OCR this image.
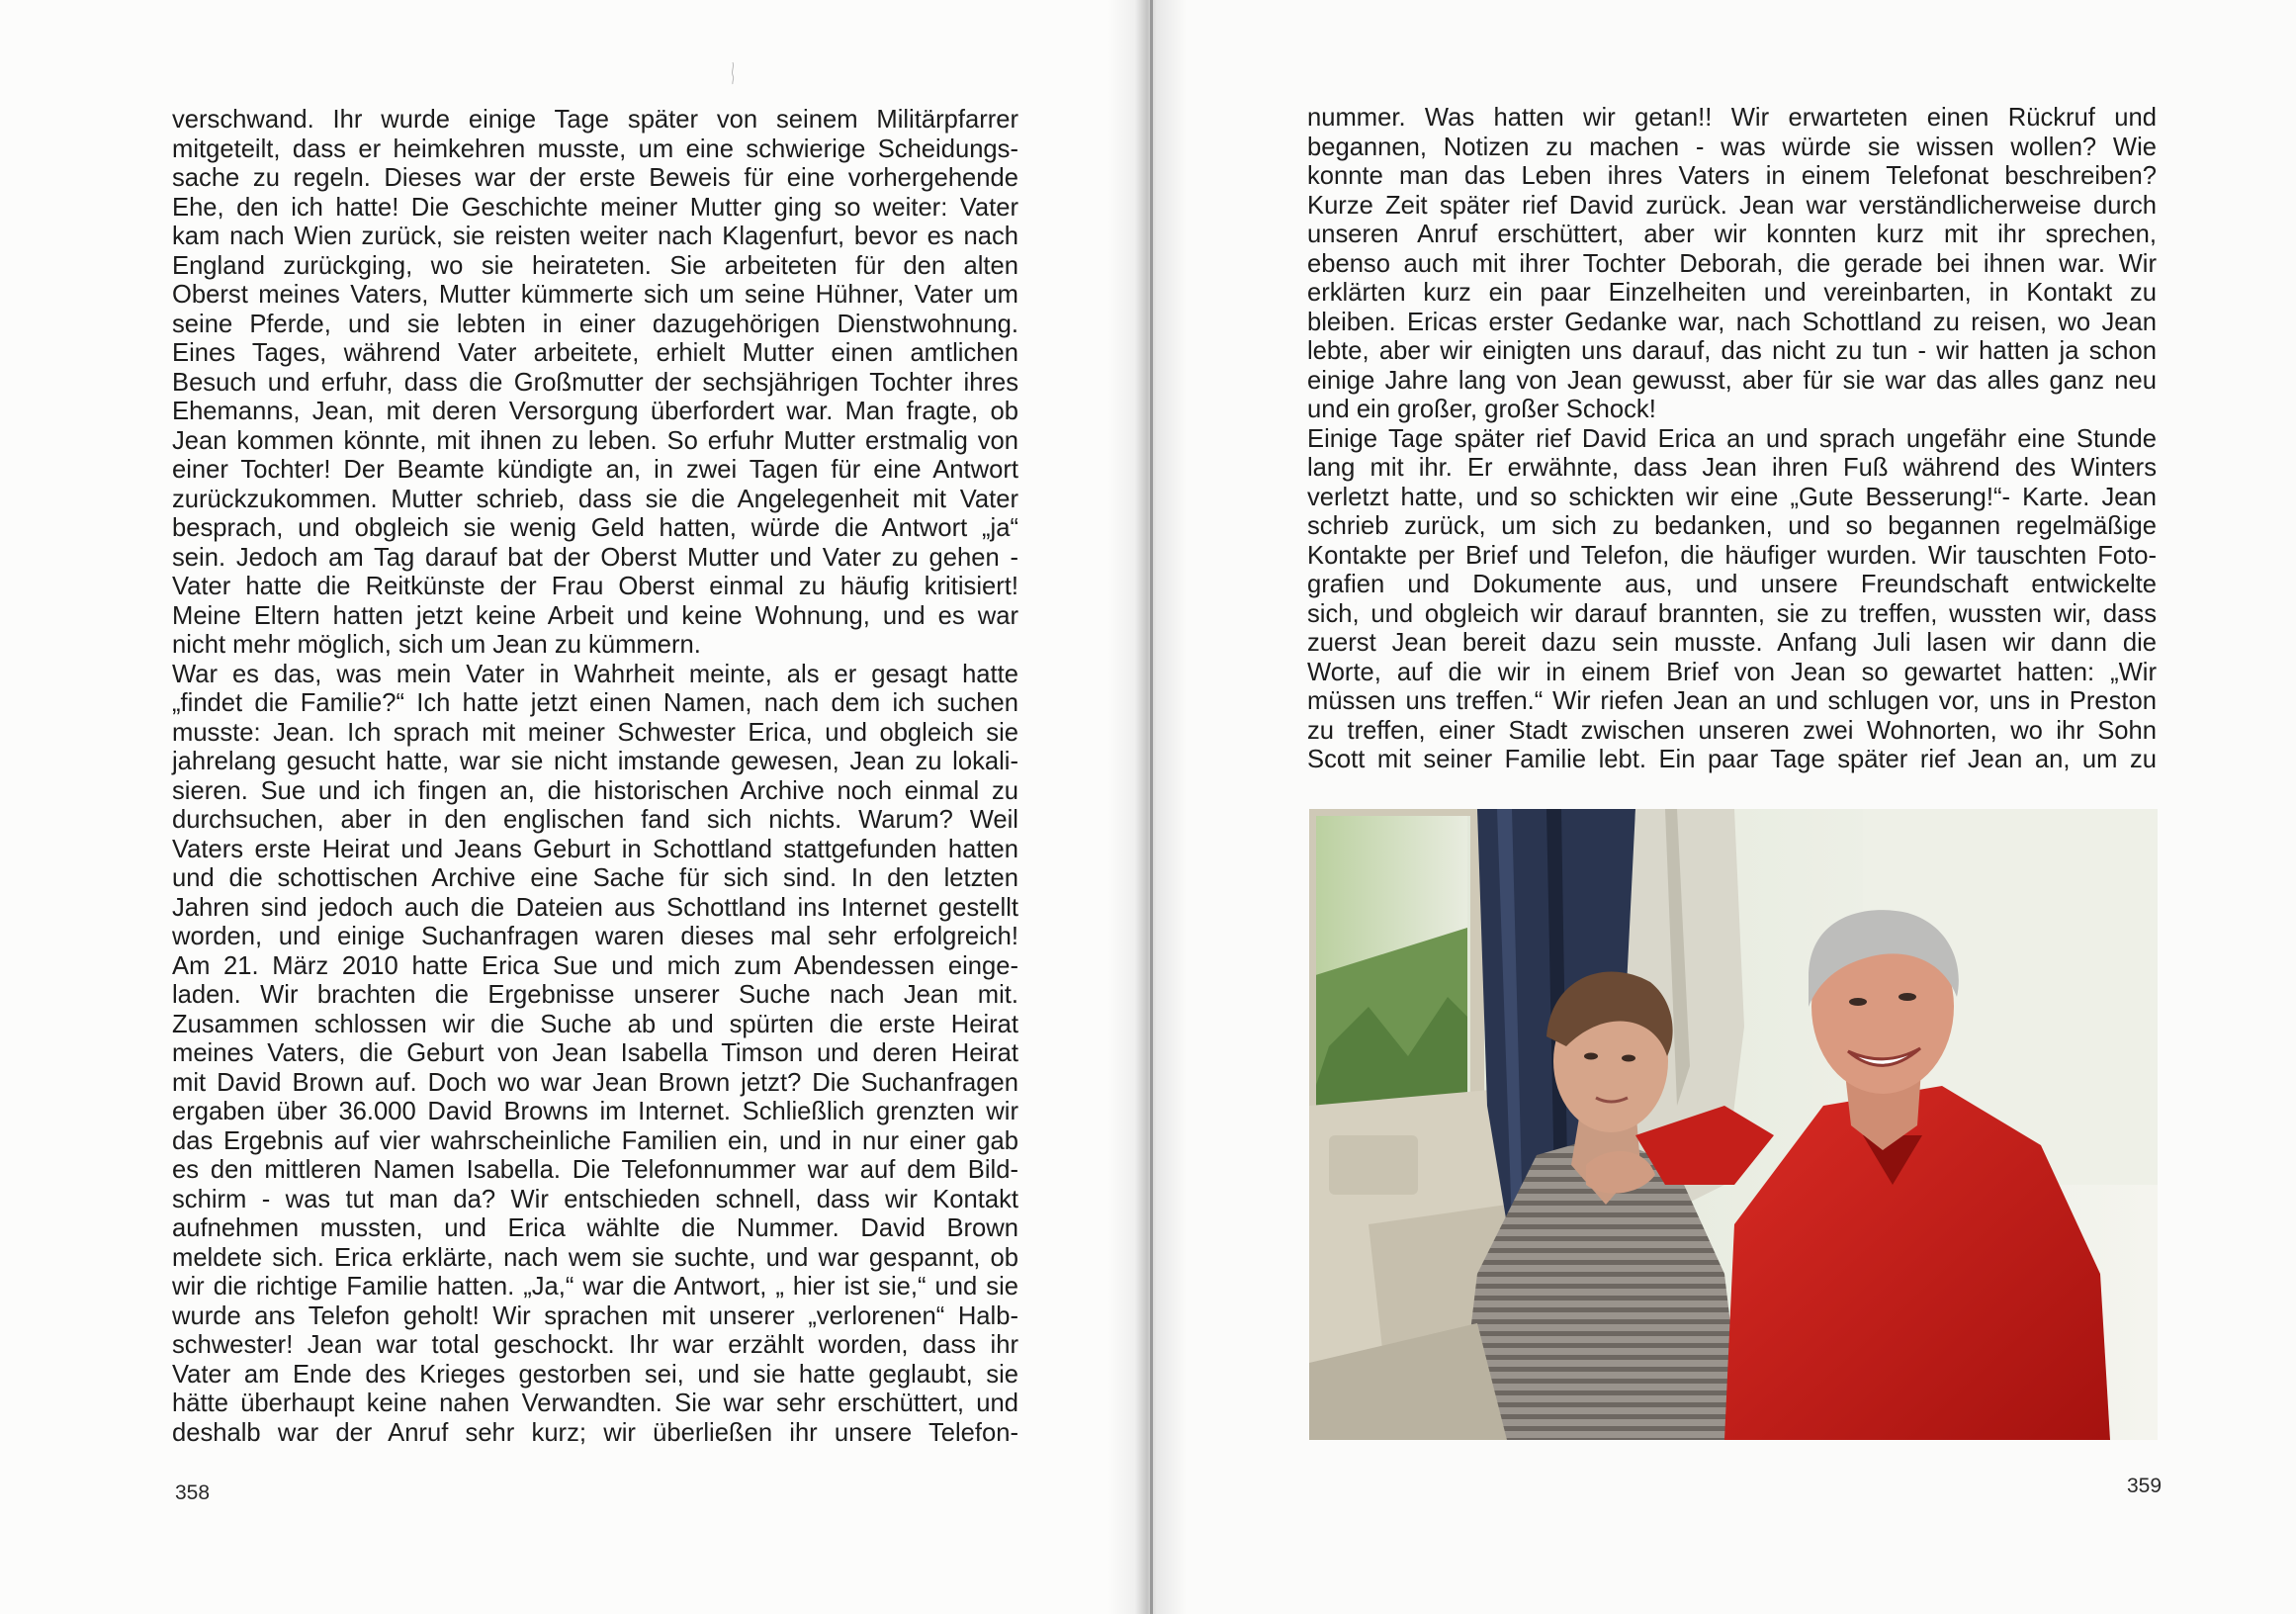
verschwand. Ihr wurde einige Tage später von seinem Militärpfarrer
mitgeteilt, dass er heimkehren musste, um eine schwierige Scheidungs-
sache zu regeln. Dieses war der erste Beweis für eine vorhergehende
Ehe, den ich hatte! Die Geschichte meiner Mutter ging so weiter: Vater
kam nach Wien zurück, sie reisten weiter nach Klagenfurt, bevor es nach
England zurückging, wo sie heirateten. Sie arbeiteten für den alten
Oberst meines Vaters, Mutter kümmerte sich um seine Hühner, Vater um
seine Pferde, und sie lebten in einer dazugehörigen Dienstwohnung.
Eines Tages, während Vater arbeitete, erhielt Mutter einen amtlichen
Besuch und erfuhr, dass die Großmutter der sechsjährigen Tochter ihres
Ehemanns, Jean, mit deren Versorgung überfordert war. Man fragte, ob
Jean kommen könnte, mit ihnen zu leben. So erfuhr Mutter erstmalig von
einer Tochter! Der Beamte kündigte an, in zwei Tagen für eine Antwort
zurückzukommen. Mutter schrieb, dass sie die Angelegenheit mit Vater
besprach, und obgleich sie wenig Geld hatten, würde die Antwort „ja“
sein. Jedoch am Tag darauf bat der Oberst Mutter und Vater zu gehen -
Vater hatte die Reitkünste der Frau Oberst einmal zu häufig kritisiert!
Meine Eltern hatten jetzt keine Arbeit und keine Wohnung, und es war
nicht mehr möglich, sich um Jean zu kümmern.
War es das, was mein Vater in Wahrheit meinte, als er gesagt hatte
„findet die Familie?“ Ich hatte jetzt einen Namen, nach dem ich suchen
musste: Jean. Ich sprach mit meiner Schwester Erica, und obgleich sie
jahrelang gesucht hatte, war sie nicht imstande gewesen, Jean zu lokali-
sieren. Sue und ich fingen an, die historischen Archive noch einmal zu
durchsuchen, aber in den englischen fand sich nichts. Warum? Weil
Vaters erste Heirat und Jeans Geburt in Schottland stattgefunden hatten
und die schottischen Archive eine Sache für sich sind. In den letzten
Jahren sind jedoch auch die Dateien aus Schottland ins Internet gestellt
worden, und einige Suchanfragen waren dieses mal sehr erfolgreich!
Am 21. März 2010 hatte Erica Sue und mich zum Abendessen einge-
laden. Wir brachten die Ergebnisse unserer Suche nach Jean mit.
Zusammen schlossen wir die Suche ab und spürten die erste Heirat
meines Vaters, die Geburt von Jean Isabella Timson und deren Heirat
mit David Brown auf. Doch wo war Jean Brown jetzt? Die Suchanfragen
ergaben über 36.000 David Browns im Internet. Schließlich grenzten wir
das Ergebnis auf vier wahrscheinliche Familien ein, und in nur einer gab
es den mittleren Namen Isabella. Die Telefonnummer war auf dem Bild-
schirm - was tut man da? Wir entschieden schnell, dass wir Kontakt
aufnehmen mussten, und Erica wählte die Nummer. David Brown
meldete sich. Erica erklärte, nach wem sie suchte, und war gespannt, ob
wir die richtige Familie hatten. „Ja,“ war die Antwort, „ hier ist sie,“ und sie
wurde ans Telefon geholt! Wir sprachen mit unserer „verlorenen“ Halb-
schwester! Jean war total geschockt. Ihr war erzählt worden, dass ihr
Vater am Ende des Krieges gestorben sei, und sie hatte geglaubt, sie
hätte überhaupt keine nahen Verwandten. Sie war sehr erschüttert, und
deshalb war der Anruf sehr kurz; wir überließen ihr unsere Telefon-
358
nummer. Was hatten wir getan!! Wir erwarteten einen Rückruf und
begannen, Notizen zu machen - was würde sie wissen wollen? Wie
konnte man das Leben ihres Vaters in einem Telefonat beschreiben?
Kurze Zeit später rief David zurück. Jean war verständlicherweise durch
unseren Anruf erschüttert, aber wir konnten kurz mit ihr sprechen,
ebenso auch mit ihrer Tochter Deborah, die gerade bei ihnen war. Wir
erklärten kurz ein paar Einzelheiten und vereinbarten, in Kontakt zu
bleiben. Ericas erster Gedanke war, nach Schottland zu reisen, wo Jean
lebte, aber wir einigten uns darauf, das nicht zu tun - wir hatten ja schon
einige Jahre lang von Jean gewusst, aber für sie war das alles ganz neu
und ein großer, großer Schock!
Einige Tage später rief David Erica an und sprach ungefähr eine Stunde
lang mit ihr. Er erwähnte, dass Jean ihren Fuß während des Winters
verletzt hatte, und so schickten wir eine „Gute Besserung!“- Karte. Jean
schrieb zurück, um sich zu bedanken, und so begannen regelmäßige
Kontakte per Brief und Telefon, die häufiger wurden. Wir tauschten Foto-
grafien und Dokumente aus, und unsere Freundschaft entwickelte
sich, und obgleich wir darauf brannten, sie zu treffen, wussten wir, dass
zuerst Jean bereit dazu sein musste. Anfang Juli lasen wir dann die
Worte, auf die wir in einem Brief von Jean so gewartet hatten: „Wir
müssen uns treffen.“ Wir riefen Jean an und schlugen vor, uns in Preston
zu treffen, einer Stadt zwischen unseren zwei Wohnorten, wo ihr Sohn
Scott mit seiner Familie lebt. Ein paar Tage später rief Jean an, um zu
359
